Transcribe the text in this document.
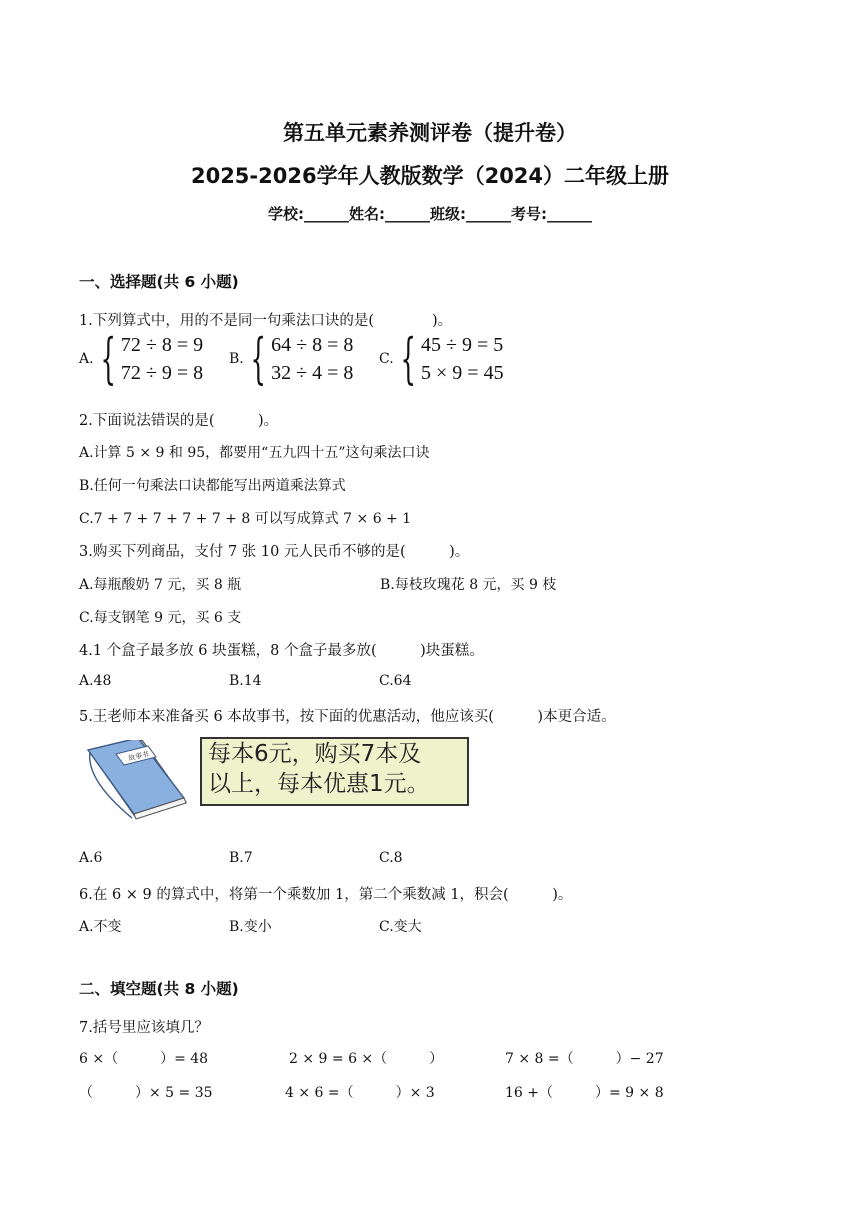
第五单元素养测评卷（提升卷）
2025-2026学年人教版数学（2024）二年级上册
学校:______姓名:______班级:______考号:______
一、选择题(共 6 小题)
1.下列算式中，用的不是同一句乘法口诀的是(　　　　)。
A. { 72 ÷ 8 = 9
72 ÷ 9 = 8
B. { 64 ÷ 8 = 8
32 ÷ 4 = 8
C. { 45 ÷ 9 = 5
5 × 9 = 45
2.下面说法错误的是(　　　)。
A.计算 5 × 9 和 95，都要用“五九四十五”这句乘法口诀
B.任何一句乘法口诀都能写出两道乘法算式
C.7 + 7 + 7 + 7 + 7 + 8 可以写成算式 7 × 6 + 1
3.购买下列商品，支付 7 张 10 元人民币不够的是(　　　)。
A.每瓶酸奶 7 元，买 8 瓶	B.每枝玫瑰花 8 元，买 9 枝
C.每支钢笔 9 元，买 6 支
4.1 个盒子最多放 6 块蛋糕，8 个盒子最多放(　　　)块蛋糕。
A.48	B.14	C.64
5.王老师本来准备买 6 本故事书，按下面的优惠活动，他应该买(　　　)本更合适。
故事书	每本6元，购买7本及
以上，每本优惠1元。
A.6	B.7	C.8
6.在 6 × 9 的算式中，将第一个乘数加 1，第二个乘数减 1，积会(　　　)。
A.不变	B.变小	C.变大
二、填空题(共 8 小题)
7.括号里应该填几？
6 ×（　　　）= 48	2 × 9 = 6 ×（　　　）	7 × 8 =（　　　）− 27
（　　　）× 5 = 35	4 × 6 =（　　　）× 3	16 +（　　　）= 9 × 8
